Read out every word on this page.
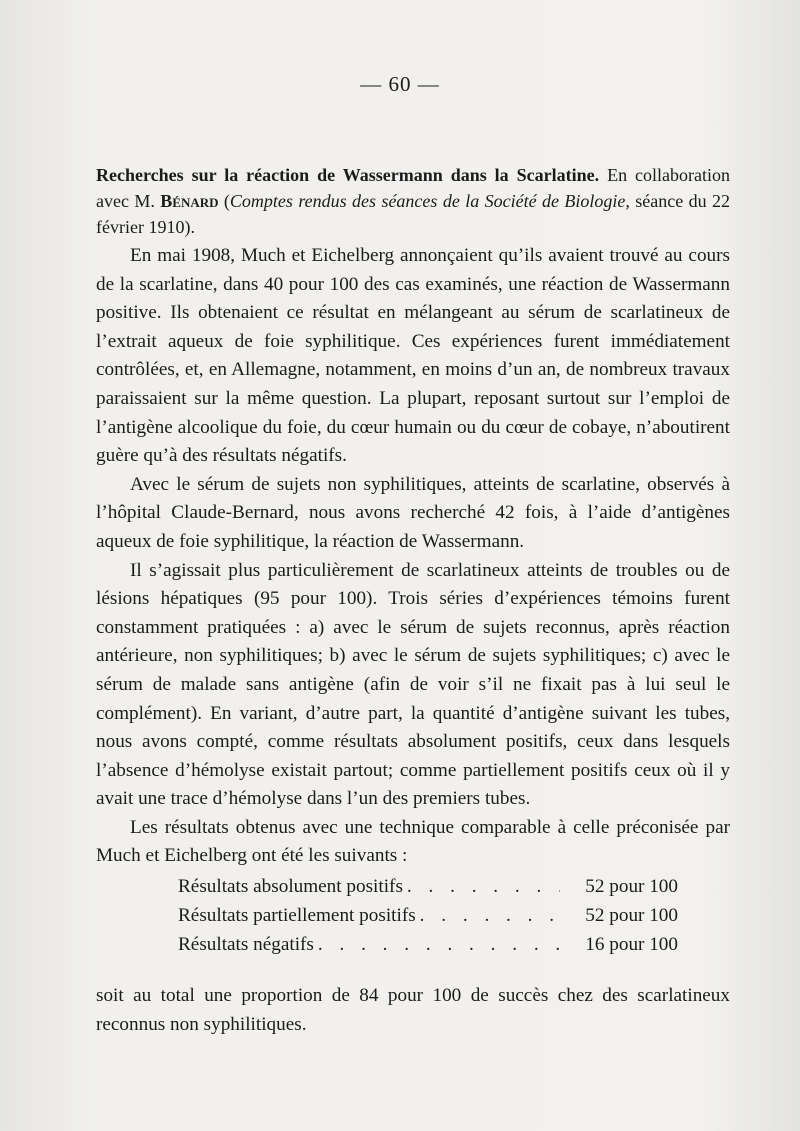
— 60 —
Recherches sur la réaction de Wassermann dans la Scarlatine. En collaboration avec M. Bénard (Comptes rendus des séances de la Société de Biologie, séance du 22 février 1910).

En mai 1908, Much et Eichelberg annonçaient qu’ils avaient trouvé au cours de la scarlatine, dans 40 pour 100 des cas examinés, une réaction de Wassermann positive. Ils obtenaient ce résultat en mélangeant au sérum de scarlatineux de l’extrait aqueux de foie syphilitique. Ces expériences furent immédiatement contrôlées, et, en Allemagne, notamment, en moins d’un an, de nombreux travaux paraissaient sur la même question. La plupart, reposant surtout sur l’emploi de l’antigène alcoolique du foie, du cœur humain ou du cœur de cobaye, n’aboutirent guère qu’à des résultats négatifs.

Avec le sérum de sujets non syphilitiques, atteints de scarlatine, observés à l’hôpital Claude-Bernard, nous avons recherché 42 fois, à l’aide d’antigènes aqueux de foie syphilitique, la réaction de Wassermann.

Il s’agissait plus particulièrement de scarlatineux atteints de troubles ou de lésions hépatiques (95 pour 100). Trois séries d’expériences témoins furent constamment pratiquées : a) avec le sérum de sujets reconnus, après réaction antérieure, non syphilitiques; b) avec le sérum de sujets syphilitiques; c) avec le sérum de malade sans antigène (afin de voir s’il ne fixait pas à lui seul le complément). En variant, d’autre part, la quantité d’antigène suivant les tubes, nous avons compté, comme résultats absolument positifs, ceux dans lesquels l’absence d’hémolyse existait partout; comme partiellement positifs ceux où il y avait une trace d’hémolyse dans l’un des premiers tubes.

Les résultats obtenus avec une technique comparable à celle préconisée par Much et Eichelberg ont été les suivants :

Résultats absolument positifs . . .	52 pour 100
Résultats partiellement positifs . . .	52 pour 100
Résultats négatifs . . .	16 pour 100

soit au total une proportion de 84 pour 100 de succès chez des scarlatineux reconnus non syphilitiques.
